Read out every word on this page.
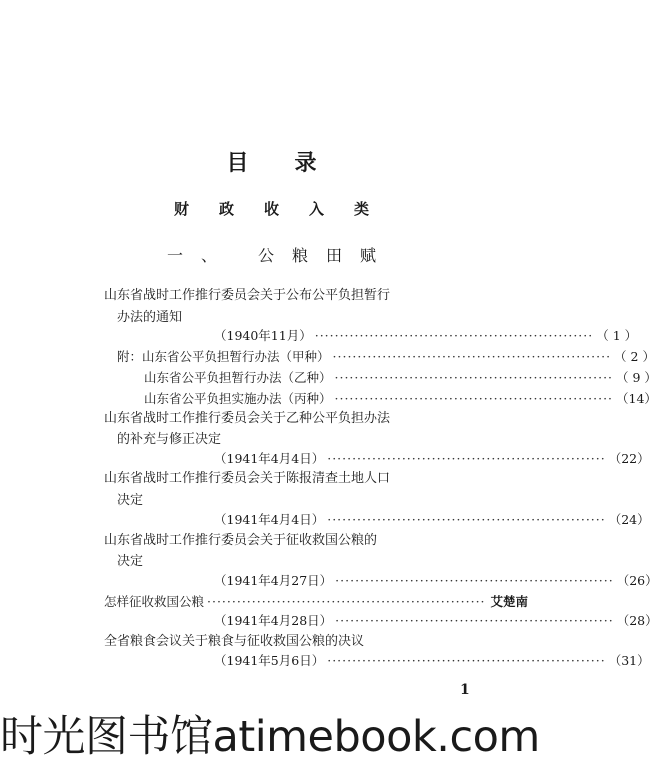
目录
财政收入类
一、 公粮田赋
山东省战时工作推行委员会关于公布公平负担暂行
办法的通知
（1940年11月） ························································ （ 1 ）
附： 山东省公平负担暂行办法（甲种） ························································ （ 2 ）
山东省公平负担暂行办法（乙种） ························································ （ 9 ）
山东省公平负担实施办法（丙种） ························································ （14）
山东省战时工作推行委员会关于乙种公平负担办法
的补充与修正决定
（1941年4月4日） ························································ （22）
山东省战时工作推行委员会关于陈报清查土地人口
决定
（1941年4月4日） ························································ （24）
山东省战时工作推行委员会关于征收救国公粮的
决定
（1941年4月27日） ························································ （26）
怎样征收救国公粮 ························································ 艾楚南
（1941年4月28日） ························································ （28）
全省粮食会议关于粮食与征收救国公粮的决议
（1941年5月6日） ························································ （31）
1
时光图书馆atimebook.com
